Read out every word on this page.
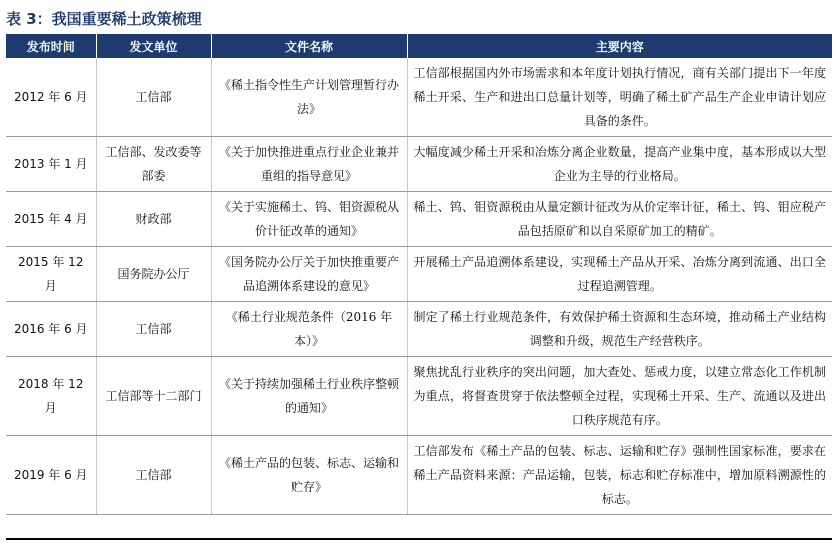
表 3：我国重要稀土政策梳理
发布时间	发文单位	文件名称	主要内容
2012 年 6 月	工信部	《稀土指令性生产计划管理暂行办法》	工信部根据国内外市场需求和本年度计划执行情况，商有关部门提出下一年度稀土开采、生产和进出口总量计划等，明确了稀土矿产品生产企业申请计划应具备的条件。
2013 年 1 月	工信部、发改委等部委	《关于加快推进重点行业企业兼并重组的指导意见》	大幅度减少稀土开采和冶炼分离企业数量，提高产业集中度，基本形成以大型企业为主导的行业格局。
2015 年 4 月	财政部	《关于实施稀土、钨、钼资源税从价计征改革的通知》	稀土、钨、钼资源税由从量定额计征改为从价定率计征，稀土、钨、钼应税产品包括原矿和以自采原矿加工的精矿。
2015 年 12 月	国务院办公厅	《国务院办公厅关于加快推重要产品追溯体系建设的意见》	开展稀土产品追溯体系建设，实现稀土产品从开采、冶炼分离到流通、出口全过程追溯管理。
2016 年 6 月	工信部	《稀土行业规范条件（2016 年本）》	制定了稀土行业规范条件，有效保护稀土资源和生态环境，推动稀土产业结构调整和升级，规范生产经营秩序。
2018 年 12 月	工信部等十二部门	《关于持续加强稀土行业秩序整顿的通知》	聚焦扰乱行业秩序的突出问题，加大查处、惩戒力度，以建立常态化工作机制为重点，将督查贯穿于依法整顿全过程，实现稀土开采、生产、流通以及进出口秩序规范有序。
2019 年 6 月	工信部	《稀土产品的包装、标志、运输和贮存》	工信部发布《稀土产品的包装、标志、运输和贮存》强制性国家标准，要求在稀土产品资料来源：产品运输，包装，标志和贮存标准中，增加原料溯源性的标志。
